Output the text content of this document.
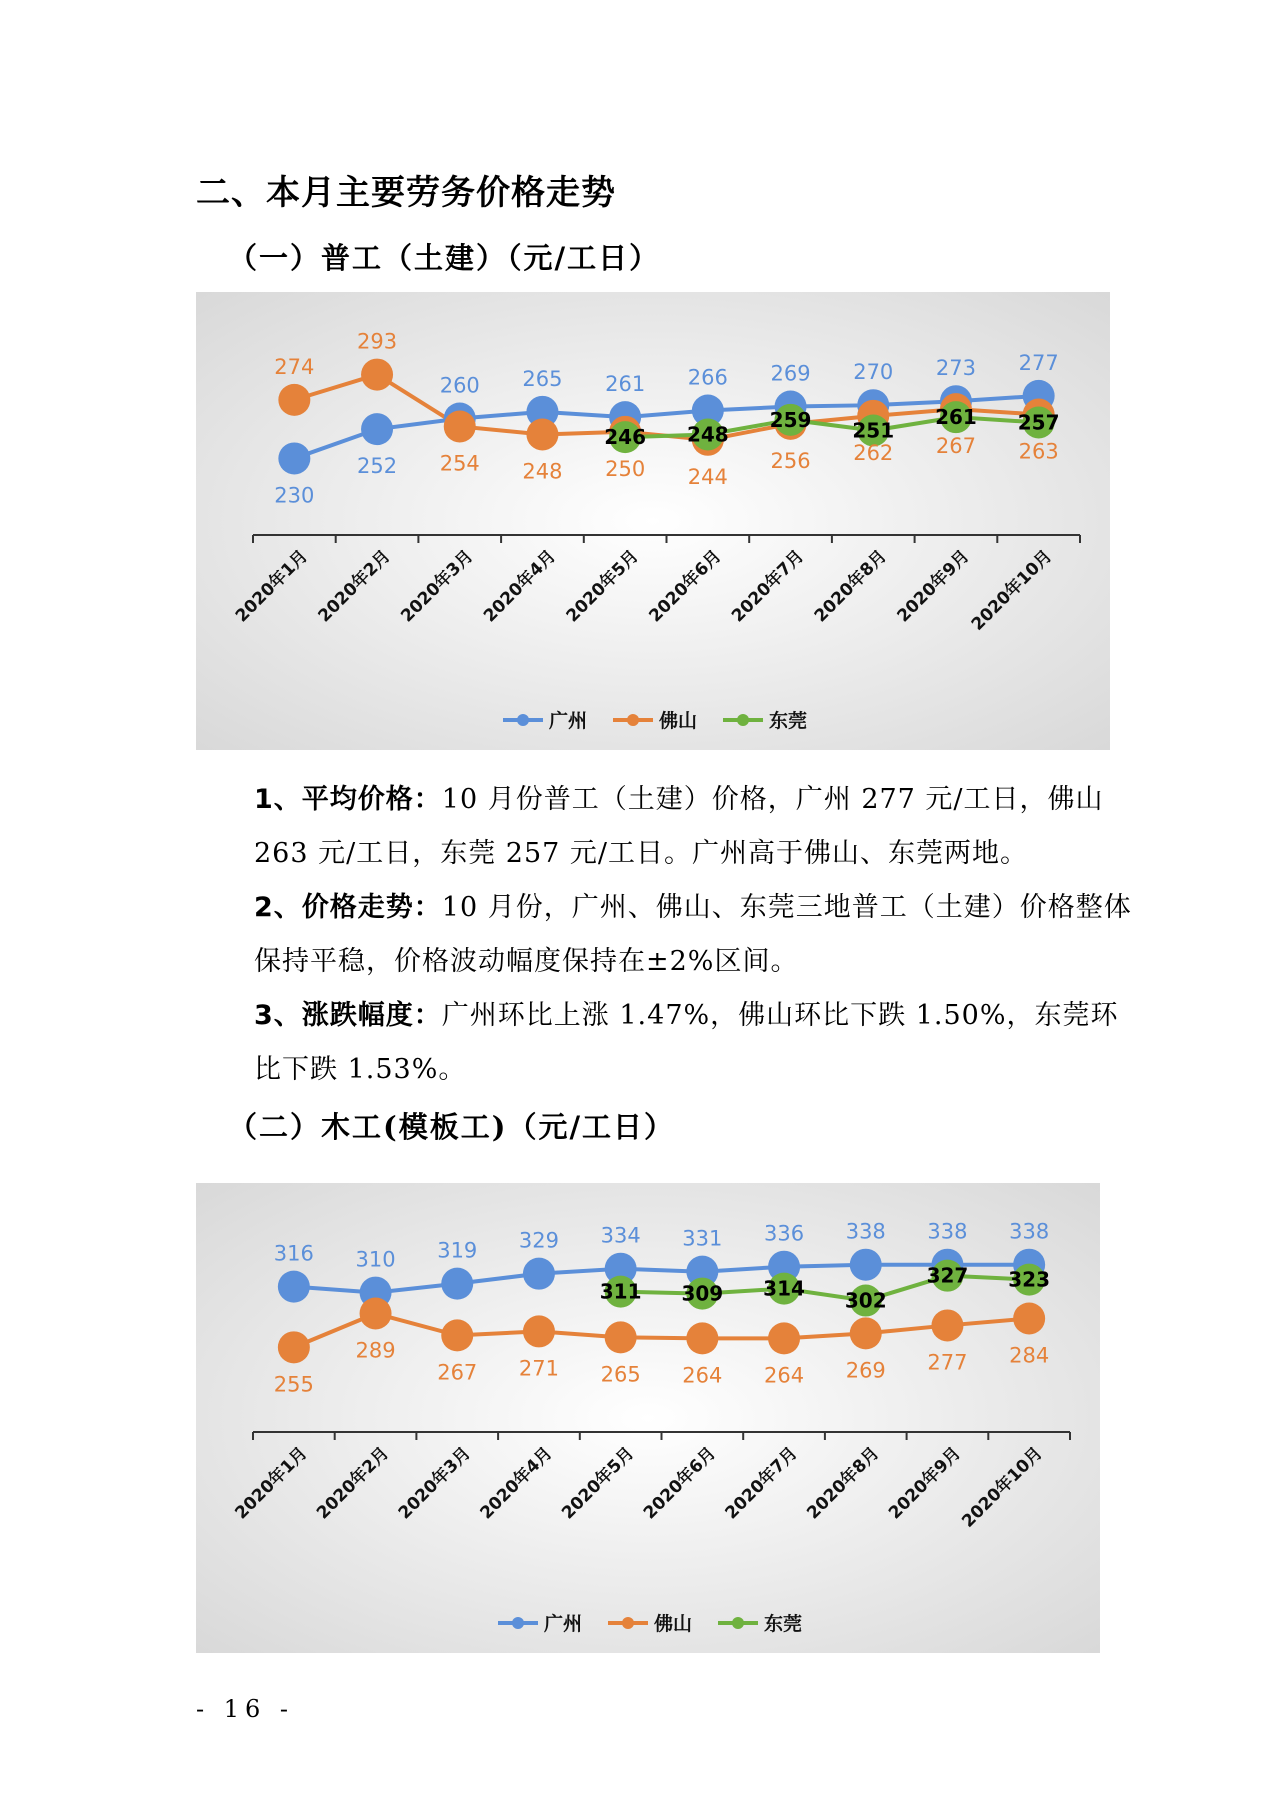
二、本月主要劳务价格走势
（一）普工（土建）（元/工日）
2020年1月 2020年2月 2020年3月 2020年4月 2020年5月 2020年6月 2020年7月 2020年8月 2020年9月
2020年10月
230
252
260 265 261 266 269 270 273 277
274
293
254 248 250 244
256 262 267 263
246 248
259 251
261 257
广州	佛山	东莞

1、平均价格：10 月份普工（土建）价格，广州 277 元/工日，佛山 263 元/工日，东莞 257 元/工日。广州高于佛山、东莞两地。

2、价格走势：10 月份，广州、佛山、东莞三地普工（土建）价格整体保持平稳，价格波动幅度保持在±2%区间。

3、涨跌幅度：广州环比上涨 1.47%，佛山环比下跌 1.50%，东莞环比下跌 1.53%。

（二）木工(模板工)（元/工日）
2020年1月 2020年2月 2020年3月 2020年4月 2020年5月 2020年6月 2020年7月 2020年8月 2020年9月
2020年10月
316 310 319 329 334 331 336 338 338 338
255
289
267 271 265 264 264 269 277 284
311 309 314 302
327 323
广州	佛山	东莞
- 16 -
